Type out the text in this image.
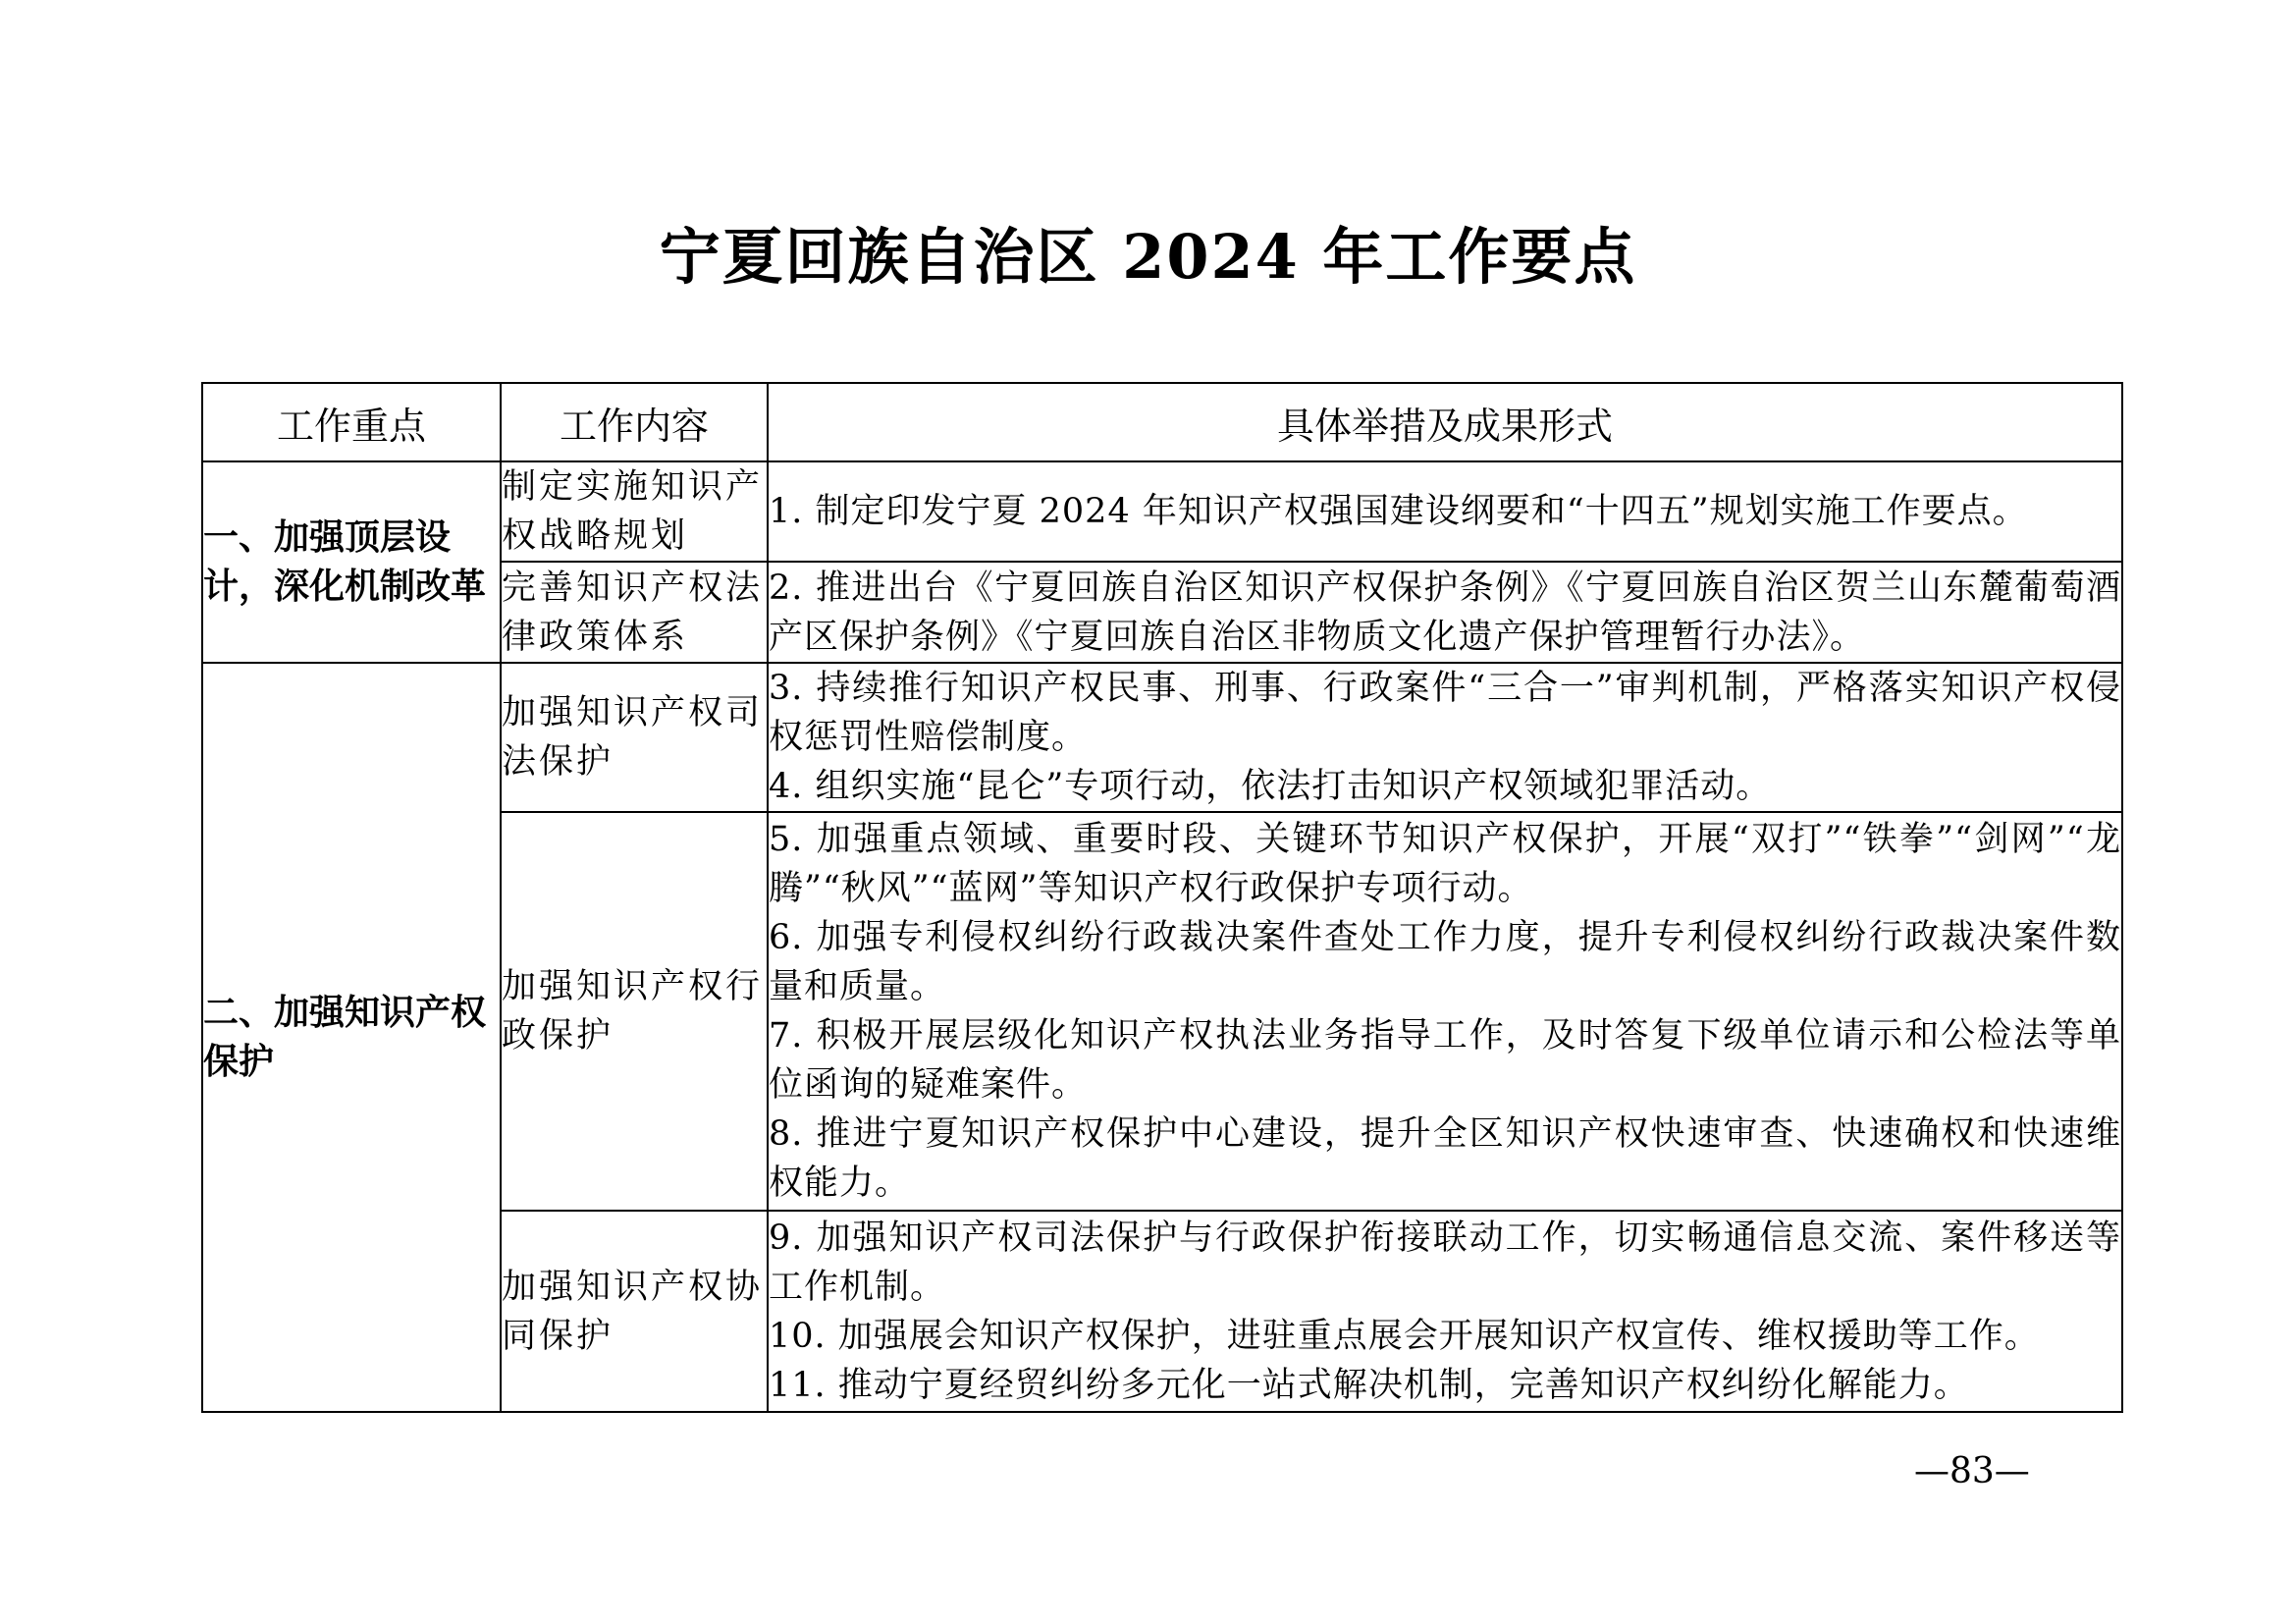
宁夏回族自治区 2024 年工作要点
工作重点	工作内容	具体举措及成果形式
一、加强顶层设计，深化机制改革	制定实施知识产权战略规划	1. 制定印发宁夏 2024 年知识产权强国建设纲要和“十四五”规划实施工作要点。

	完善知识产权法律政策体系	2. 推进出台《宁夏回族自治区知识产权保护条例》《宁夏回族自治区贺兰山东麓葡萄酒产区保护条例》《宁夏回族自治区非物质文化遗产保护管理暂行办法》。

二、加强知识产权保护	加强知识产权司法保护	3. 持续推行知识产权民事、刑事、行政案件“三合一”审判机制，严格落实知识产权侵权惩罚性赔偿制度。

4. 组织实施“昆仑”专项行动，依法打击知识产权领域犯罪活动。

	加强知识产权行政保护	5. 加强重点领域、重要时段、关键环节知识产权保护，开展“双打”“铁拳”“剑网”“龙腾”“秋风”“蓝网”等知识产权行政保护专项行动。

6. 加强专利侵权纠纷行政裁决案件查处工作力度，提升专利侵权纠纷行政裁决案件数量和质量。

7. 积极开展层级化知识产权执法业务指导工作，及时答复下级单位请示和公检法等单位函询的疑难案件。

8. 推进宁夏知识产权保护中心建设，提升全区知识产权快速审查、快速确权和快速维权能力。

	加强知识产权协同保护	9. 加强知识产权司法保护与行政保护衔接联动工作，切实畅通信息交流、案件移送等工作机制。

10. 加强展会知识产权保护，进驻重点展会开展知识产权宣传、维权援助等工作。

11. 推动宁夏经贸纠纷多元化一站式解决机制，完善知识产权纠纷化解能力。

—83—
